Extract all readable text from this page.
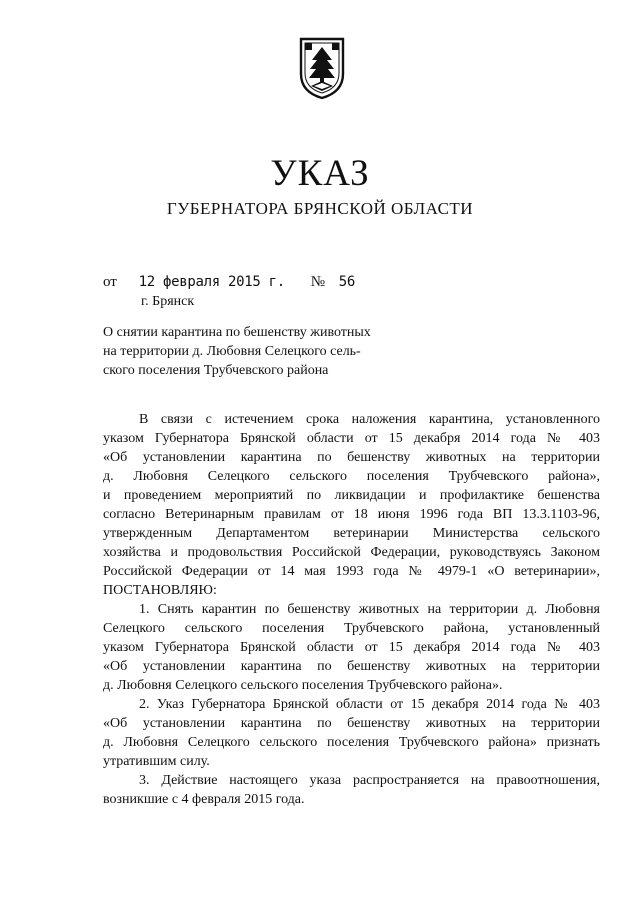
УКАЗ
ГУБЕРНАТОРА БРЯНСКОЙ ОБЛАСТИ
от 12 февраля 2015 г. № 56
г. Брянск
О снятии карантина по бешенству животных
на территории д. Любовня Селецкого сель-
ского поселения Трубчевского района
В связи с истечением срока наложения карантина, установленного
указом Губернатора Брянской области от 15 декабря 2014 года № 403
«Об установлении карантина по бешенству животных на территории
д. Любовня Селецкого сельского поселения Трубчевского района»,
и проведением мероприятий по ликвидации и профилактике бешенства
согласно Ветеринарным правилам от 18 июня 1996 года ВП 13.3.1103-96,
утвержденным Департаментом ветеринарии Министерства сельского
хозяйства и продовольствия Российской Федерации, руководствуясь Законом
Российской Федерации от 14 мая 1993 года № 4979-1 «О ветеринарии»,
ПОСТАНОВЛЯЮ:
1. Снять карантин по бешенству животных на территории д. Любовня
Селецкого сельского поселения Трубчевского района, установленный
указом Губернатора Брянской области от 15 декабря 2014 года № 403
«Об установлении карантина по бешенству животных на территории
д. Любовня Селецкого сельского поселения Трубчевского района».
2. Указ Губернатора Брянской области от 15 декабря 2014 года № 403
«Об установлении карантина по бешенству животных на территории
д. Любовня Селецкого сельского поселения Трубчевского района» признать
утратившим силу.
3. Действие настоящего указа распространяется на правоотношения,
возникшие с 4 февраля 2015 года.
